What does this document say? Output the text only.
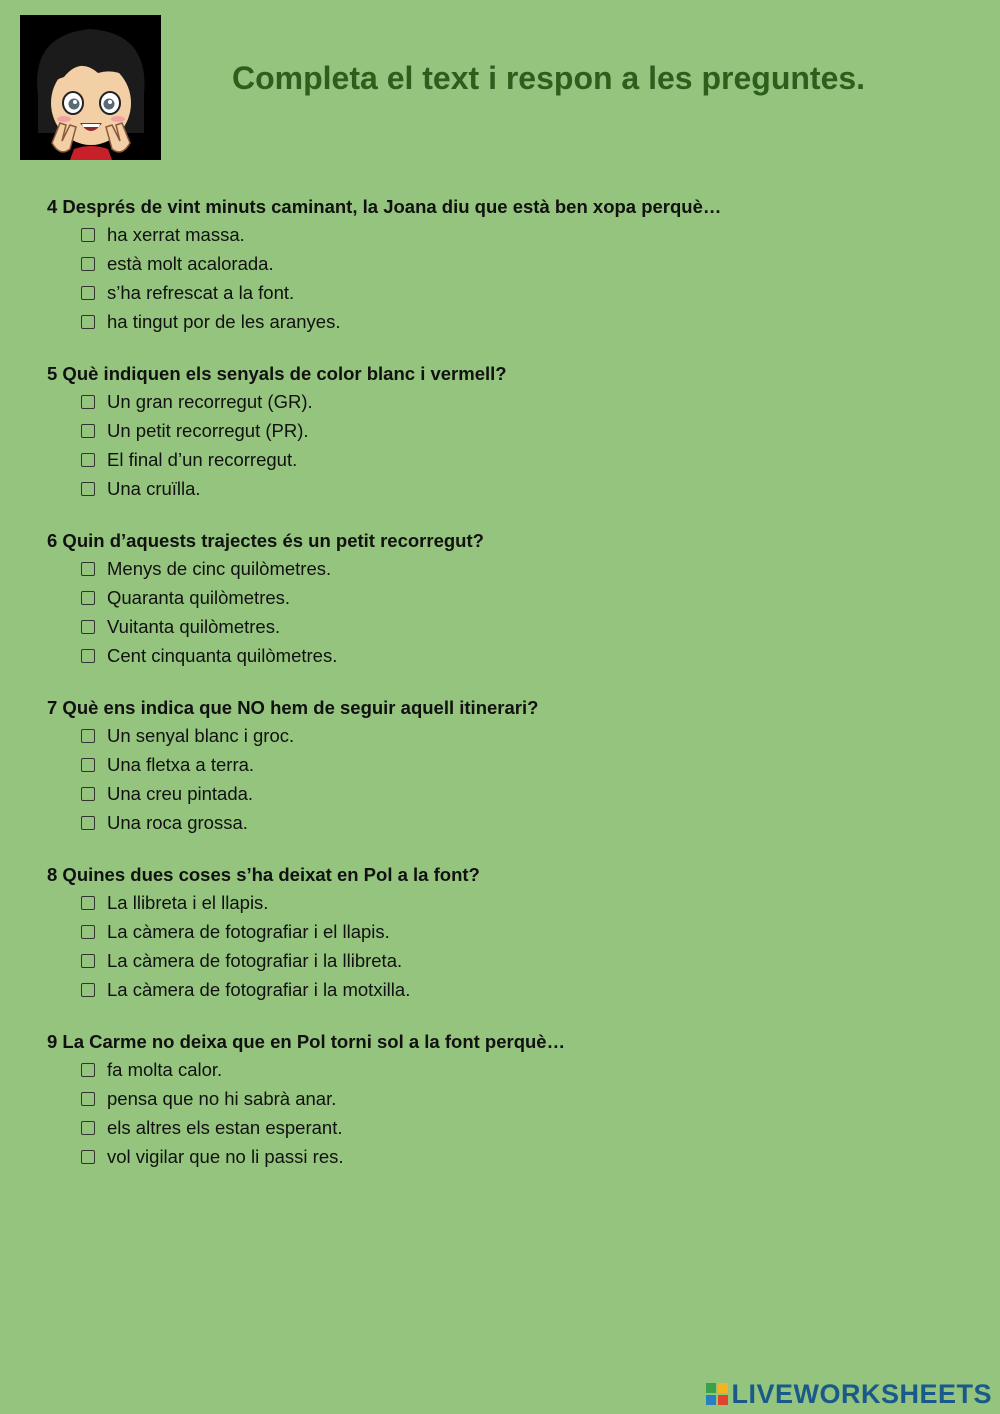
Completa el text i respon a les preguntes.
4 Després de vint minuts caminant, la Joana diu que està ben xopa perquè…
ha xerrat massa.
està molt acalorada.
s’ha refrescat a la font.
ha tingut por de les aranyes.
5 Què indiquen els senyals de color blanc i vermell?
Un gran recorregut (GR).
Un petit recorregut (PR).
El final d’un recorregut.
Una cruïlla.
6 Quin d’aquests trajectes és un petit recorregut?
Menys de cinc quilòmetres.
Quaranta quilòmetres.
Vuitanta quilòmetres.
Cent cinquanta quilòmetres.
7 Què ens indica que NO hem de seguir aquell itinerari?
Un senyal blanc i groc.
Una fletxa a terra.
Una creu pintada.
Una roca grossa.
8 Quines dues coses s’ha deixat en Pol a la font?
La llibreta i el llapis.
La càmera de fotografiar i el llapis.
La càmera de fotografiar i la llibreta.
La càmera de fotografiar i la motxilla.
9 La Carme no deixa que en Pol torni sol a la font perquè…
fa molta calor.
pensa que no hi sabrà anar.
els altres els estan esperant.
vol vigilar que no li passi res.
LIVEWORKSHEETS
